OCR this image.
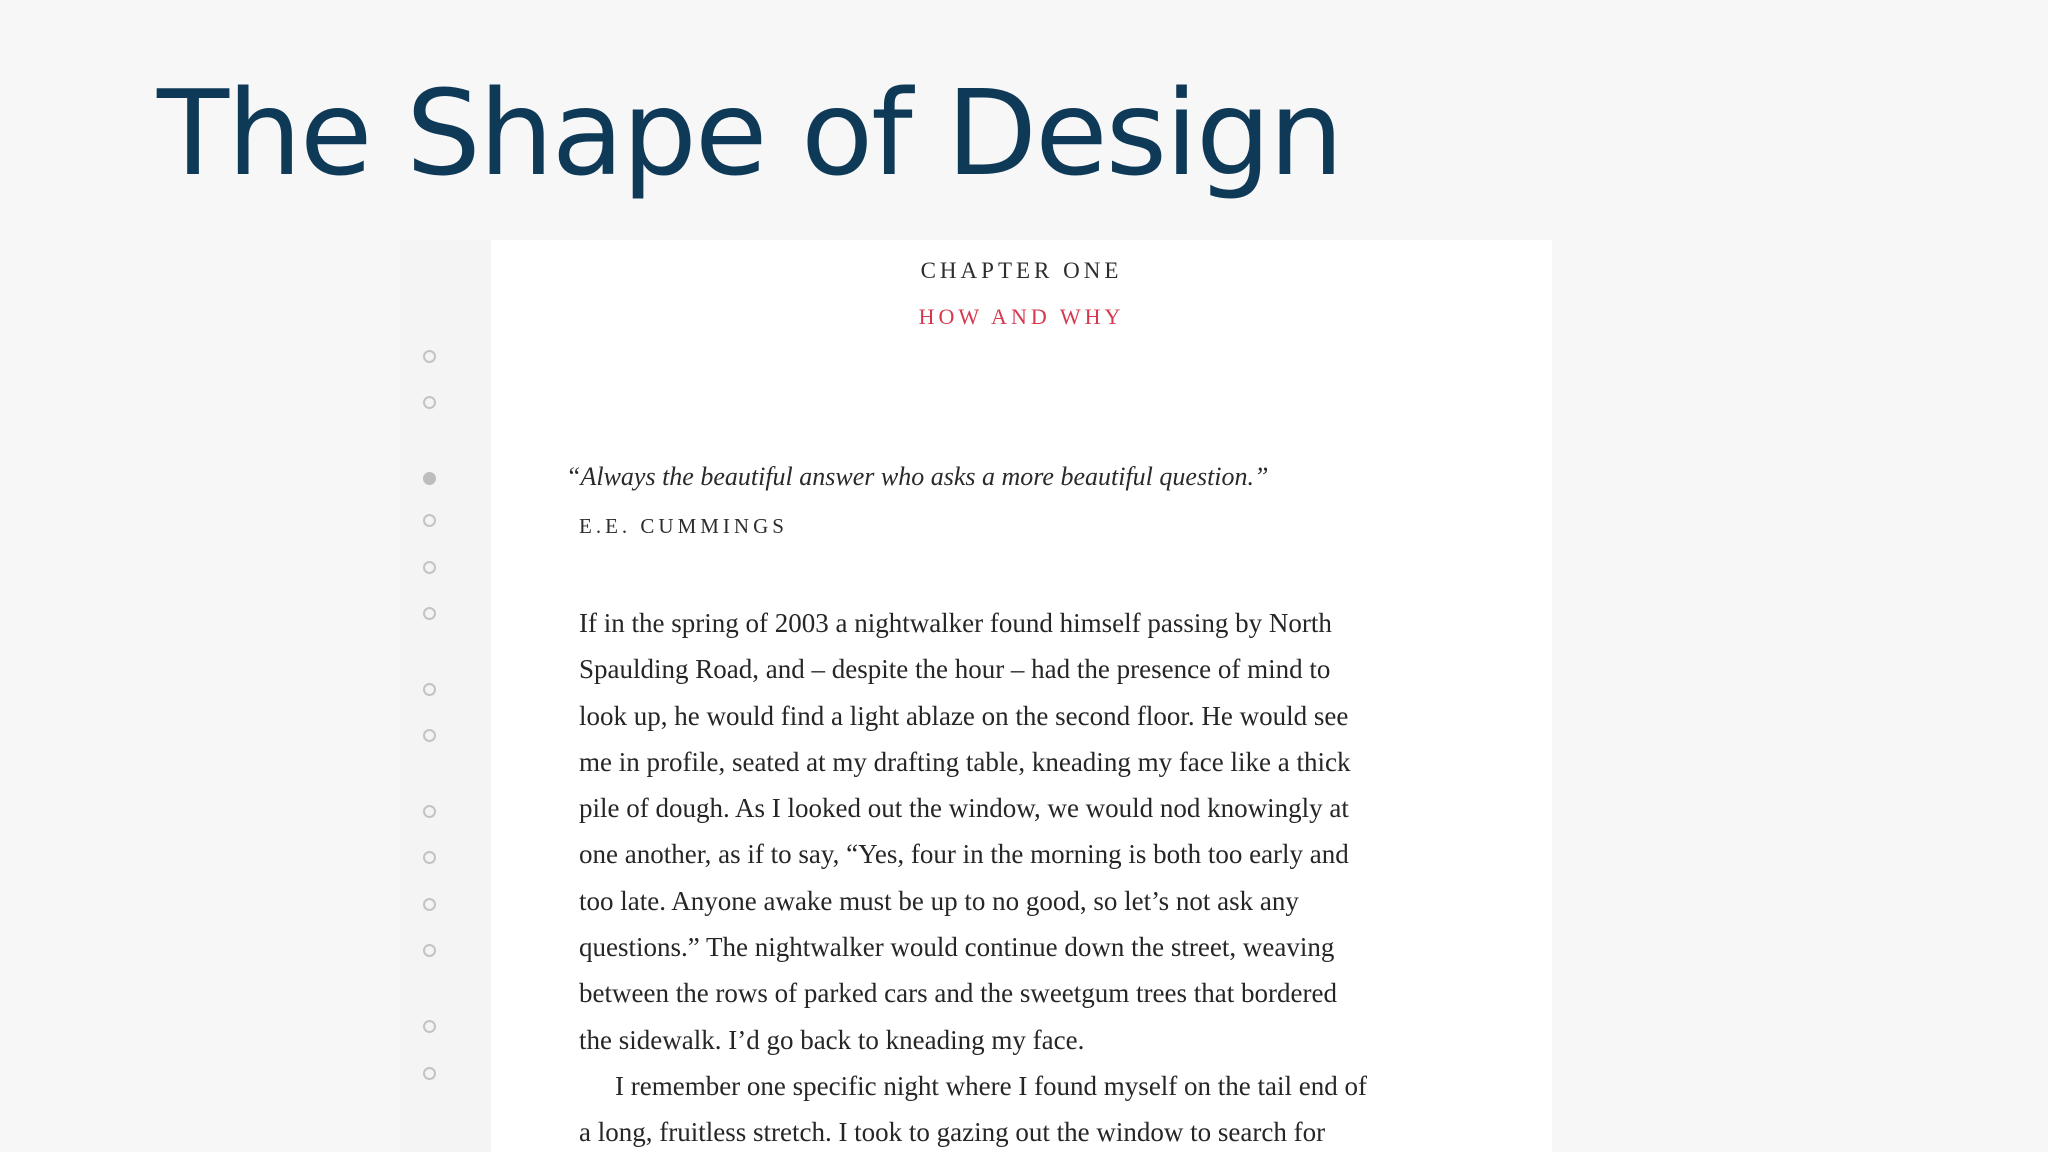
The Shape of Design
CHAPTER ONE
HOW AND WHY
“Always the beautiful answer who asks a more beautiful question.”
E.E. CUMMINGS
If in the spring of 2003 a nightwalker found himself passing by North
Spaulding Road, and – despite the hour – had the presence of mind to
look up, he would find a light ablaze on the second floor. He would see
me in profile, seated at my drafting table, kneading my face like a thick
pile of dough. As I looked out the window, we would nod knowingly at
one another, as if to say, “Yes, four in the morning is both too early and
too late. Anyone awake must be up to no good, so let’s not ask any
questions.” The nightwalker would continue down the street, weaving
between the rows of parked cars and the sweetgum trees that bordered
the sidewalk. I’d go back to kneading my face.
I remember one specific night where I found myself on the tail end of
a long, fruitless stretch. I took to gazing out the window to search for
